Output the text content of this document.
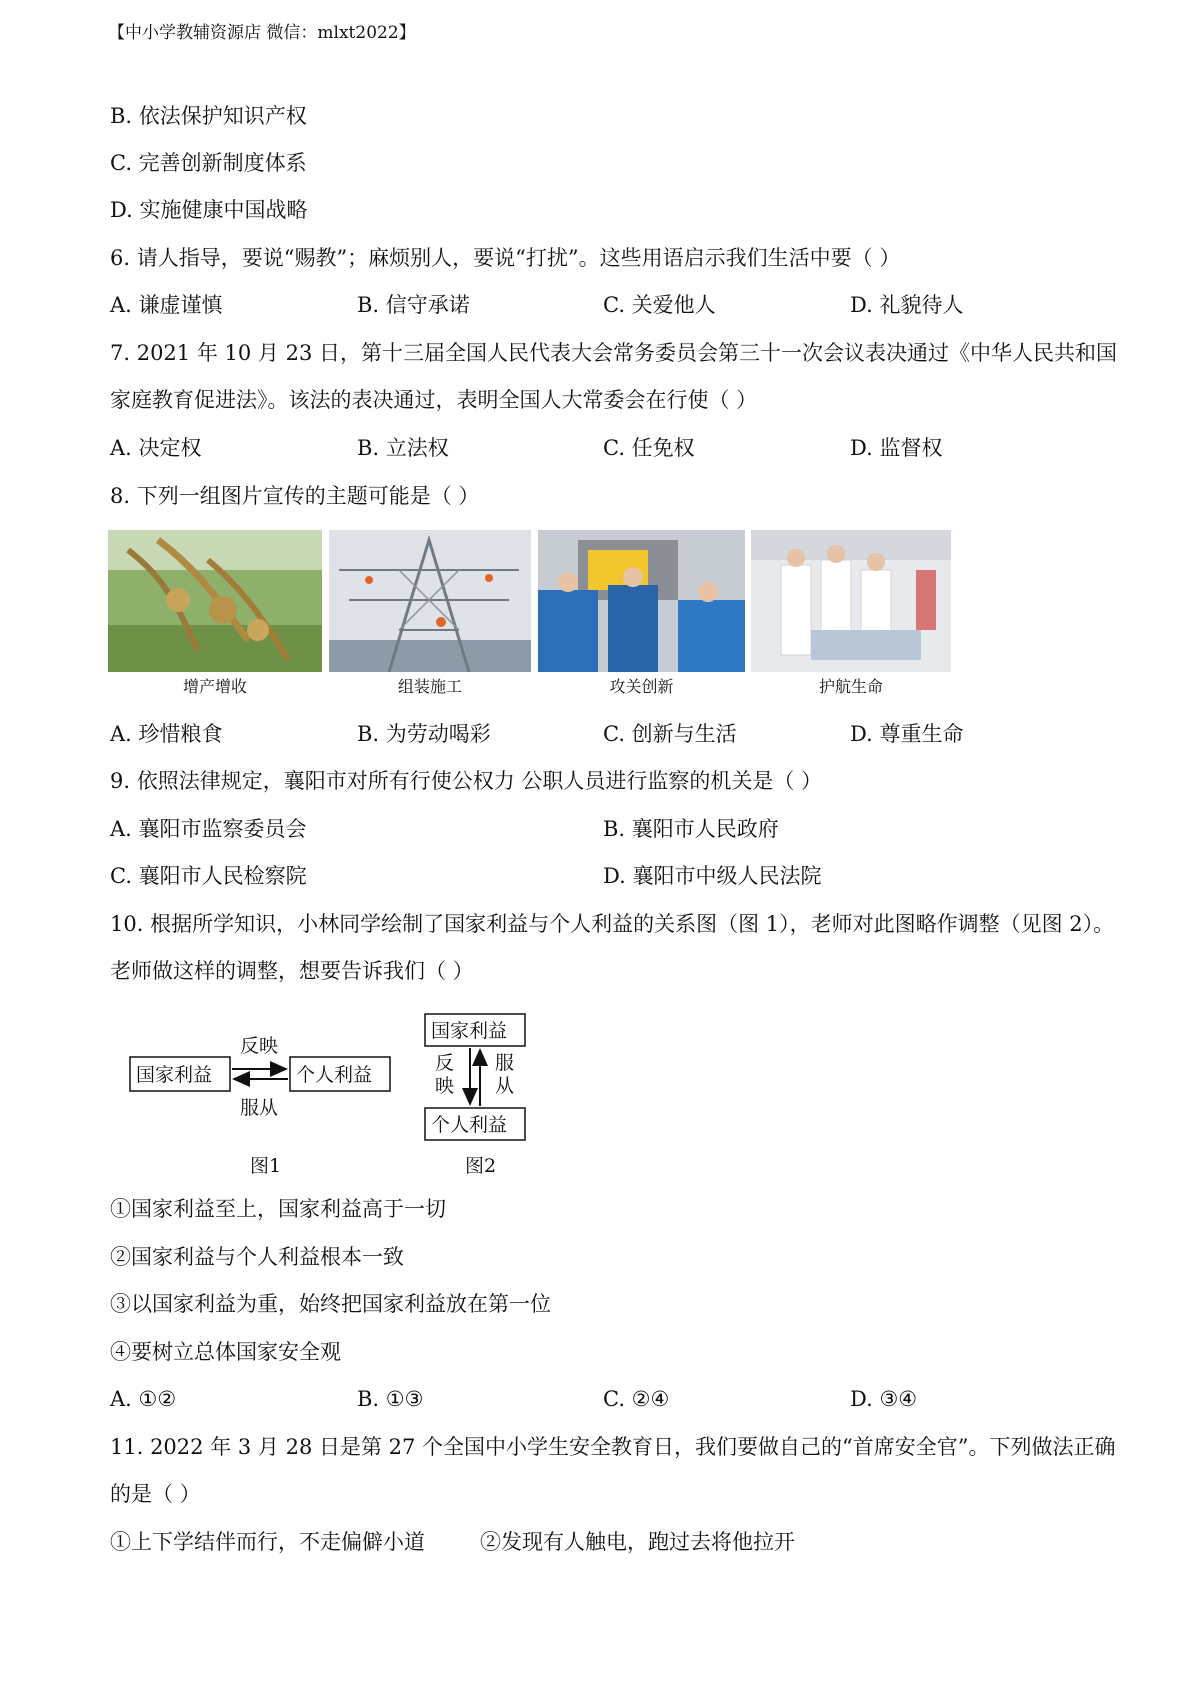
【中小学教辅资源店 微信：mlxt2022】
B. 依法保护知识产权
C. 完善创新制度体系
D. 实施健康中国战略
6. 请人指导，要说“赐教”；麻烦别人，要说“打扰”。这些用语启示我们生活中要（ ）
A. 谦虚谨慎	B. 信守承诺	C. 关爱他人	D. 礼貌待人
7. 2021 年 10 月 23 日，第十三届全国人民代表大会常务委员会第三十一次会议表决通过《中华人民共和国
家庭教育促进法》。该法的表决通过，表明全国人大常委会在行使（ ）
A. 决定权	B. 立法权	C. 任免权	D. 监督权
8. 下列一组图片宣传的主题可能是（ ）
增产增收	组装施工	攻关创新	护航生命
A. 珍惜粮食	B. 为劳动喝彩	C. 创新与生活	D. 尊重生命
9. 依照法律规定，襄阳市对所有行使公权力 公职人员进行监察的机关是（ ）
A. 襄阳市监察委员会	B. 襄阳市人民政府
C. 襄阳市人民检察院	D. 襄阳市中级人民法院
10. 根据所学知识，小林同学绘制了国家利益与个人利益的关系图（图 1），老师对此图略作调整（见图 2）。
老师做这样的调整，想要告诉我们（ ）
国家利益	个人利益
反映
服从
图1
国家利益
个人利益
反
映
服
从
图2
①国家利益至上，国家利益高于一切
②国家利益与个人利益根本一致
③以国家利益为重，始终把国家利益放在第一位
④要树立总体国家安全观
A. ①②	B. ①③	C. ②④	D. ③④
11. 2022 年 3 月 28 日是第 27 个全国中小学生安全教育日，我们要做自己的“首席安全官”。下列做法正确
的是（ ）
①上下学结伴而行，不走偏僻小道	②发现有人触电，跑过去将他拉开
